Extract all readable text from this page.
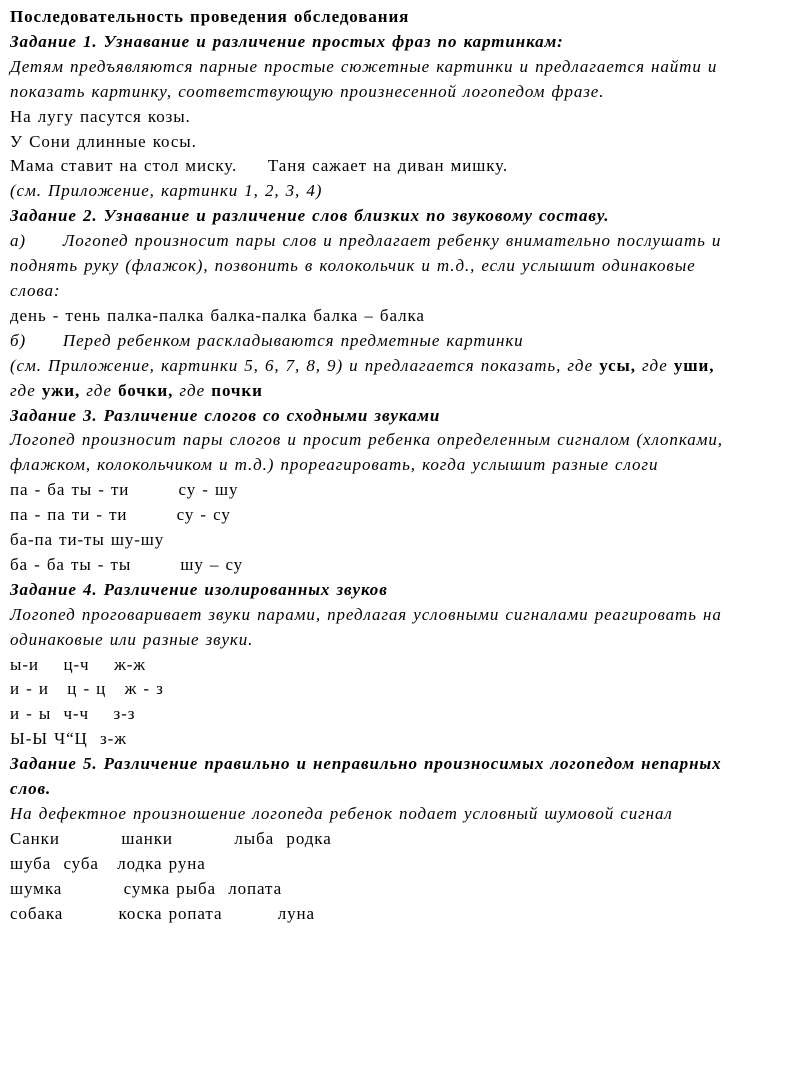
Последовательность проведения обследования
Задание 1. Узнавание и различение простых фраз по картинкам:
Детям предъявляются парные простые сюжетные картинки и предлагается найти и
показать картинку, соответствующую произнесенной логопедом фразе.
На лугу пасутся козы.
У Сони длинные косы.
Мама ставит на стол миску.     Таня сажает на диван мишку.
(см. Приложение, картинки 1, 2, 3, 4)
Задание 2. Узнавание и различение слов близких по звуковому составу.
а)      Логопед произносит пары слов и предлагает ребенку внимательно послушать и
поднять руку (флажок), позвонить в колокольчик и т.д., если услышит одинаковые
слова:
день - тень палка-палка балка-палка балка – балка
б)      Перед ребенком раскладываются предметные картинки
(см. Приложение, картинки 5, 6, 7, 8, 9) и предлагается показать, где усы, где уши,
где ужи, где бочки, где почки
Задание 3. Различение слогов со сходными звуками
Логопед произносит пары слогов и просит ребенка определенным сигналом (хлопками,
флажком, колокольчиком и т.д.) прореагировать, когда услышит разные слоги
па - ба ты - ти        су - шу
па - па ти - ти        су - су
ба-па ти-ты шу-шу
ба - ба ты - ты        шу – су
Задание 4. Различение изолированных звуков
Логопед проговаривает звуки парами, предлагая условными сигналами реагировать на
одинаковые или разные звуки.
ы-и    ц-ч    ж-ж
и - и   ц - ц   ж - з
и - ы  ч-ч    з-з
Ы-Ы Ч“Ц  з-ж
Задание 5. Различение правильно и неправильно произносимых логопедом непарных
слов.
На дефектное произношение логопеда ребенок подает условный шумовой сигнал
Санки          шанки          лыба  родка
шуба  суба   лодка руна
шумка          сумка рыба  лопата
собака         коска ропата         луна
